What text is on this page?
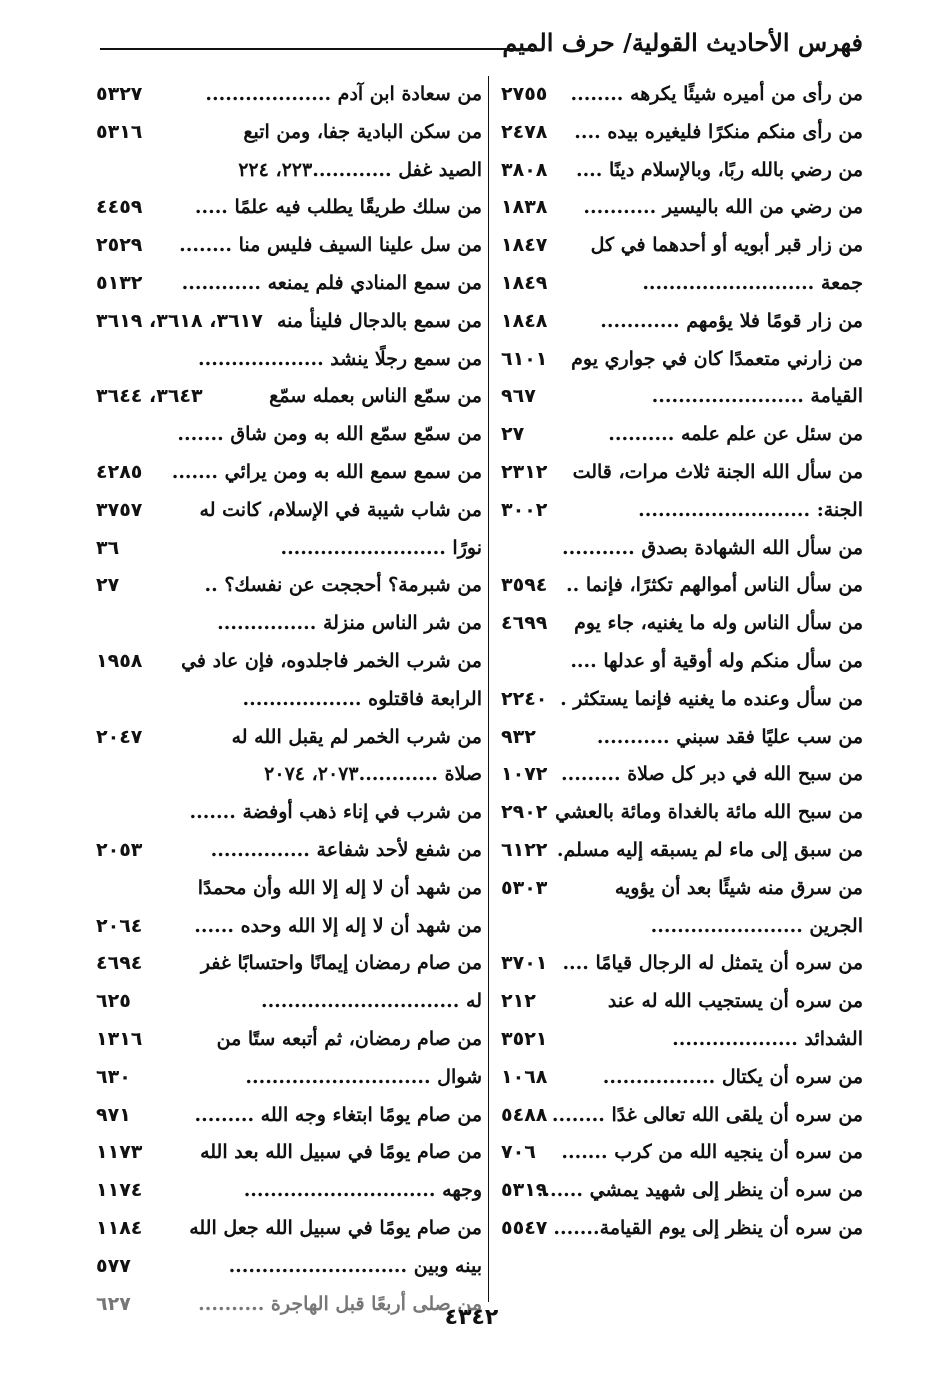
فهرس الأحاديث القولية/ حرف الميم
من رأى من أميره شيئًا يكرهه ........
٢٧٥٥
من رأى منكم منكرًا فليغيره بيده ....
٢٤٧٨
من رضي بالله ربًا، وبالإسلام دينًا ....
٣٨٠٨
من رضي من الله باليسير ...........
١٨٣٨
من زار قبر أبويه أو أحدهما في كل
١٨٤٧
جمعة ..........................
١٨٤٩
من زار قومًا فلا يؤمهم ............
١٨٤٨
من زارني متعمدًا كان في جواري يوم
٦١٠١
القيامة .......................
٩٦٧
من سئل عن علم علمه ..........
٢٧
من سأل الله الجنة ثلاث مرات، قالت
٢٣١٢
الجنة: ..........................
٣٠٠٢
من سأل الله الشهادة بصدق ...........
من سأل الناس أموالهم تكثرًا، فإنما ..
٣٥٩٤
من سأل الناس وله ما يغنيه، جاء يوم
٤٦٩٩
من سأل منكم وله أوقية أو عدلها ....
من سأل وعنده ما يغنيه فإنما يستكثر .
٢٢٤٠
من سب عليًا فقد سبني ...........
٩٣٢
من سبح الله في دبر كل صلاة .........
١٠٧٢
من سبح الله مائة بالغداة ومائة بالعشي
٢٩٠٢
من سبق إلى ماء لم يسبقه إليه مسلم.
٦١٢٢
من سرق منه شيئًا بعد أن يؤويه
٥٣٠٣
الجرين .......................
من سره أن يتمثل له الرجال قيامًا ....
٣٧٠١
من سره أن يستجيب الله له عند
٢١٢
الشدائد ...................
٣٥٢١
من سره أن يكتال .................
١٠٦٨
من سره أن يلقى الله تعالى غدًا ........
٥٤٨٨
من سره أن ينجيه الله من كرب .......
٧٠٦
من سره أن ينظر إلى شهيد يمشي .......
٥٣١٩
من سره أن ينظر إلى يوم القيامة.......
٥٥٤٧
من سعادة ابن آدم ...................
٥٣٢٧
من سكن البادية جفا، ومن اتبع
٥٣١٦
الصيد غفل ............٢٢٣، ٢٢٤
من سلك طريقًا يطلب فيه علمًا .....
٤٤٥٩
من سل علينا السيف فليس منا ........
٢٥٢٩
من سمع المنادي فلم يمنعه ............
٥١٣٢
من سمع بالدجال فلينأ منه
٣٦١٧، ٣٦١٨، ٣٦١٩
من سمع رجلًا ينشد ...................
من سمّع الناس بعمله سمّع
٣٦٤٣، ٣٦٤٤
من سمّع سمّع الله به ومن شاق .......
من سمع سمع الله به ومن يرائي .......
٤٢٨٥
من شاب شيبة في الإسلام، كانت له
٣٧٥٧
نورًا .........................
٣٦
من شبرمة؟ أحججت عن نفسك؟ ..
٢٧
من شر الناس منزلة ...............
من شرب الخمر فاجلدوه، فإن عاد في
١٩٥٨
الرابعة فاقتلوه ..................
من شرب الخمر لم يقبل الله له
٢٠٤٧
صلاة ............٢٠٧٣، ٢٠٧٤
من شرب في إناء ذهب أوفضة .......
من شفع لأحد شفاعة ...............
٢٠٥٣
من شهد أن لا إله إلا الله وأن محمدًا
من شهد أن لا إله إلا الله وحده ......
٢٠٦٤
من صام رمضان إيمانًا واحتسابًا غفر
٤٦٩٤
له ..............................
٦٢٥
من صام رمضان، ثم أتبعه ستًا من
١٣١٦
شوال ............................
٦٣٠
من صام يومًا ابتغاء وجه الله .........
٩٧١
من صام يومًا في سبيل الله بعد الله
١١٧٣
وجهه .............................
١١٧٤
من صام يومًا في سبيل الله جعل الله
١١٨٤
بينه وبين ...........................
٥٧٧
من صلى أربعًا قبل الهاجرة ..........
٦٢٧
٤٣٤٢
